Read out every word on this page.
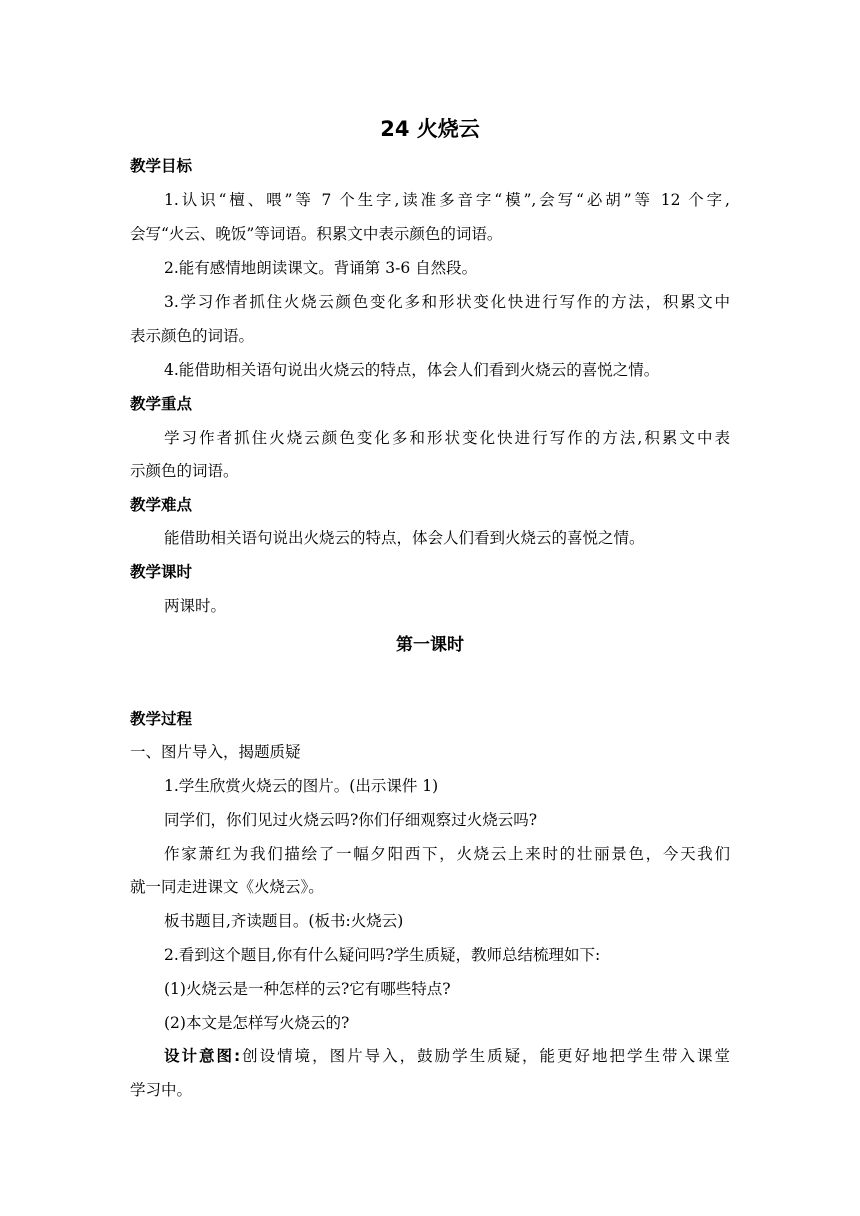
24 火烧云
教学目标
1.认识“檀、喂”等 7 个生字,读准多音字“模”,会写“必胡”等 12 个字,
会写“火云、晚饭”等词语。积累文中表示颜色的词语。
2.能有感情地朗读课文。背诵第 3-6 自然段。
3.学习作者抓住火烧云颜色变化多和形状变化快进行写作的方法，积累文中
表示颜色的词语。
4.能借助相关语句说出火烧云的特点，体会人们看到火烧云的喜悦之情。
教学重点
学习作者抓住火烧云颜色变化多和形状变化快进行写作的方法,积累文中表
示颜色的词语。
教学难点
能借助相关语句说出火烧云的特点，体会人们看到火烧云的喜悦之情。
教学课时
两课时。
第一课时
教学过程
一、图片导入，揭题质疑
1.学生欣赏火烧云的图片。(出示课件 1)
同学们，你们见过火烧云吗?你们仔细观察过火烧云吗?
作家萧红为我们描绘了一幅夕阳西下，火烧云上来时的壮丽景色，今天我们
就一同走进课文《火烧云》。
板书题目,齐读题目。(板书:火烧云)
2.看到这个题目,你有什么疑问吗?学生质疑，教师总结梳理如下:
(1)火烧云是一种怎样的云?它有哪些特点?
(2)本文是怎样写火烧云的?
设计意图:创设情境，图片导入，鼓励学生质疑，能更好地把学生带入课堂
学习中。
